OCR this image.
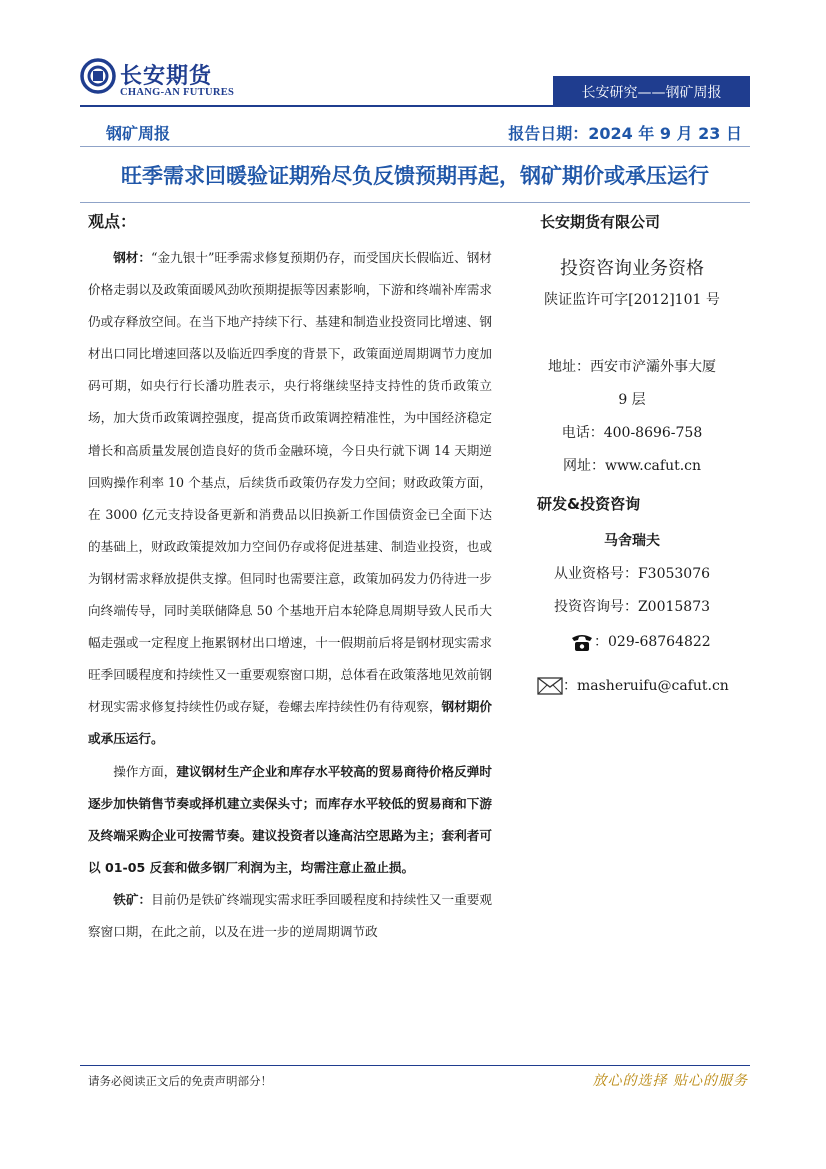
长安期货
CHANG-AN FUTURES	长安研究——钢矿周报
钢矿周报	报告日期：2024 年 9 月 23 日
旺季需求回暖验证期殆尽负反馈预期再起，钢矿期价或承压运行
观点：

钢材：“金九银十”旺季需求修复预期仍存，而受国庆长假临近、钢材价格走弱以及政策面暖风劲吹预期提振等因素影响，下游和终端补库需求仍或存释放空间。在当下地产持续下行、基建和制造业投资同比增速、钢材出口同比增速回落以及临近四季度的背景下，政策面逆周期调节力度加码可期，如央行行长潘功胜表示，央行将继续坚持支持性的货币政策立场，加大货币政策调控强度，提高货币政策调控精准性，为中国经济稳定增长和高质量发展创造良好的货币金融环境，今日央行就下调 14 天期逆回购操作利率 10 个基点，后续货币政策仍存发力空间；财政政策方面，在 3000 亿元支持设备更新和消费品以旧换新工作国债资金已全面下达的基础上，财政政策提效加力空间仍存或将促进基建、制造业投资，也或为钢材需求释放提供支撑。但同时也需要注意，政策加码发力仍待进一步向终端传导，同时美联储降息 50 个基地开启本轮降息周期导致人民币大幅走强或一定程度上拖累钢材出口增速，十一假期前后将是钢材现实需求旺季回暖程度和持续性又一重要观察窗口期，总体看在政策落地见效前钢材现实需求修复持续性仍或存疑，卷螺去库持续性仍有待观察，钢材期价或承压运行。

操作方面，建议钢材生产企业和库存水平较高的贸易商待价格反弹时逐步加快销售节奏或择机建立卖保头寸；而库存水平较低的贸易商和下游及终端采购企业可按需节奏。建议投资者以逢高沽空思路为主；套利者可以 01-05 反套和做多钢厂利润为主，均需注意止盈止损。

铁矿：目前仍是铁矿终端现实需求旺季回暖程度和持续性又一重要观察窗口期，在此之前，以及在进一步的逆周期调节政

长安期货有限公司
投资咨询业务资格
陕证监许可字[2012]101 号
地址：西安市浐灞外事大厦
9 层
电话：400-8696-758
网址：www.cafut.cn
研发&投资咨询
马舍瑞夫
从业资格号：F3053076
投资咨询号：Z0015873
：029-68764822
：masheruifu@cafut.cn
请务必阅读正文后的免责声明部分！	放心的选择 贴心的服务
